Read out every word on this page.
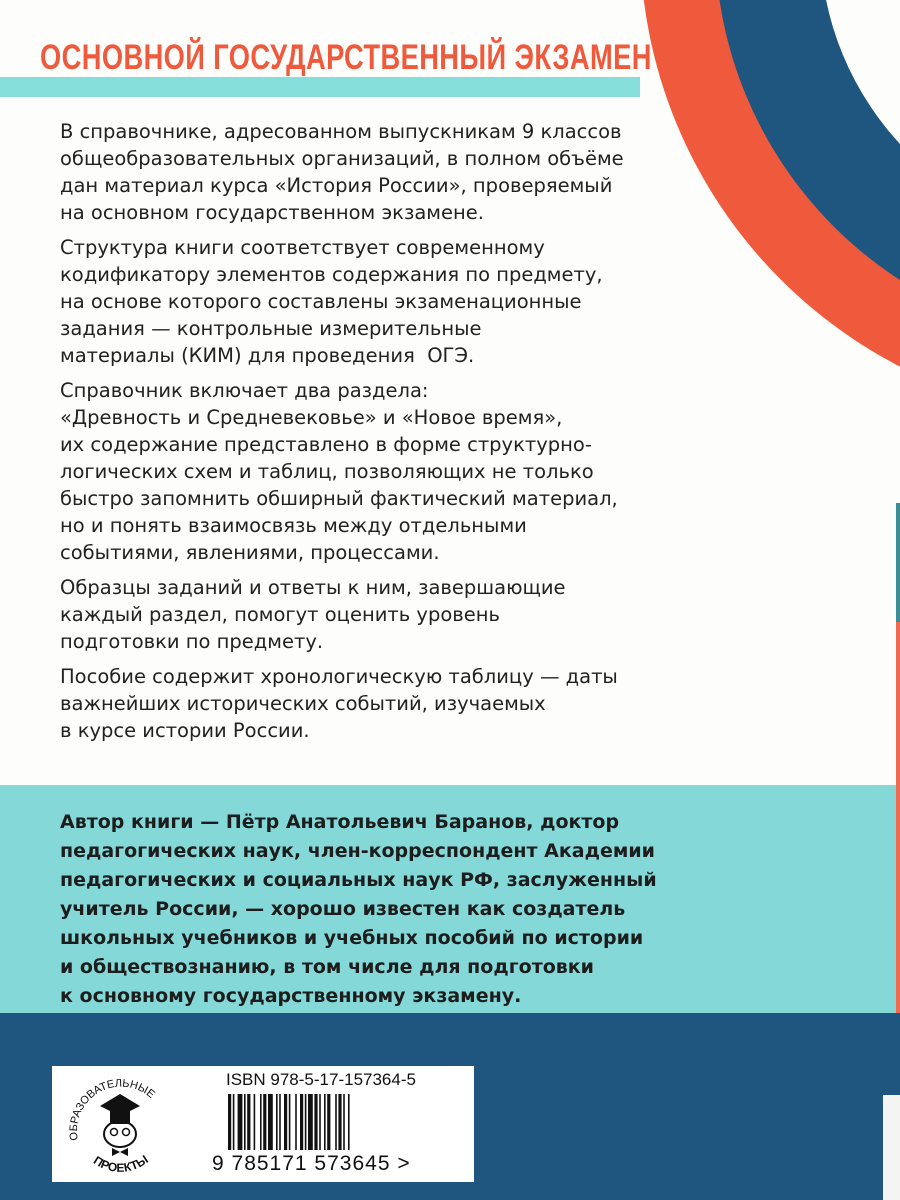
ОСНОВНОЙ ГОСУДАРСТВЕННЫЙ ЭКЗАМЕН

В справочнике, адресованном выпускникам 9 классов
общеобразовательных организаций, в полном объёме
дан материал курса «История России», проверяемый
на основном государственном экзамене.

Структура книги соответствует современному
кодификатору элементов содержания по предмету,
на основе которого составлены экзаменационные
задания — контрольные измерительные
материалы (КИМ) для проведения  ОГЭ.

Справочник включает два раздела:
«Древность и Средневековье» и «Новое время»,
их содержание представлено в форме структурно-
логических схем и таблиц, позволяющих не только
быстро запомнить обширный фактический материал,
но и понять взаимосвязь между отдельными
событиями, явлениями, процессами.

Образцы заданий и ответы к ним, завершающие
каждый раздел, помогут оценить уровень
подготовки по предмету.

Пособие содержит хронологическую таблицу — даты
важнейших исторических событий, изучаемых
в курсе истории России.

Автор книги — Пётр Анатольевич Баранов, доктор
педагогических наук, член-корреспондент Академии
педагогических и социальных наук РФ, заслуженный
учитель России, — хорошо известен как создатель
школьных учебников и учебных пособий по истории
и обществознанию, в том числе для подготовки
к основному государственному экзамену.
ОБРАЗОВАТЕЛЬНЫЕ
ПРОЕКТЫ
ISBN 978-5-17-157364-5
9 785171 573645 >
